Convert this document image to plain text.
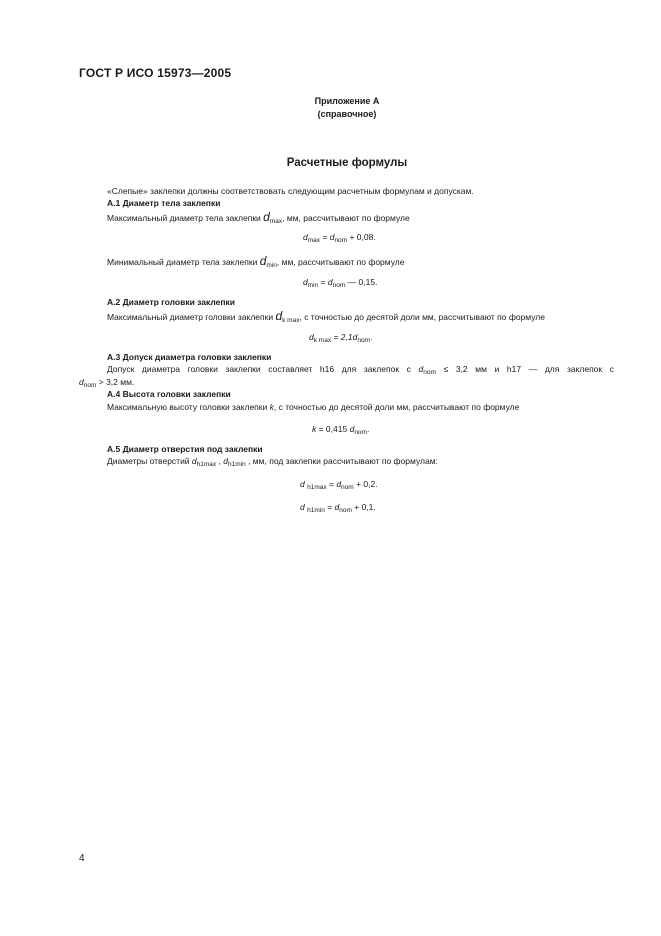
ГОСТ Р ИСО 15973—2005
Приложение А
(справочное)
Расчетные формулы
«Слепые» заклепки должны соответствовать следующим расчетным формулам и допускам.
А.1 Диаметр тела заклепки
Максимальный диаметр тела заклепки $d_{max}$, мм, рассчитывают по формуле
$d_{max} = d_{nom} + 0,08$.
Минимальный диаметр тела заклепки $d_{min}$, мм, рассчитывают по формуле
$d_{min} = d_{nom}$ — 0,15.
А.2 Диаметр головки заклепки
Максимальный диаметр головки заклепки $d_{k max}$, с точностью до десятой доли мм, рассчитывают по формуле
$d_{k max} = 2,1d_{nom}$.
А.3 Допуск диаметра головки заклепки
Допуск диаметра головки заклепки составляет h16 для заклепок с $d_{nom} \le 3,2$ мм и h17 — для заклепок с
$d_{nom} > 3,2$ мм.
А.4 Высота головки заклепки
Максимальную высоту головки заклепки k, с точностью до десятой доли мм, рассчитывают по формуле
k = 0,415 $d_{nom}$.
А.5 Диаметр отверстия под заклепки
Диаметры отверстий $d_{h1max}$ , $d_{h1min}$ , мм, под заклепки рассчитывают по формулам:
d $_{h1max} = d_{nom} + 0,2$.
d $_{h1min} = d_{nom} + 0,1$.
4
